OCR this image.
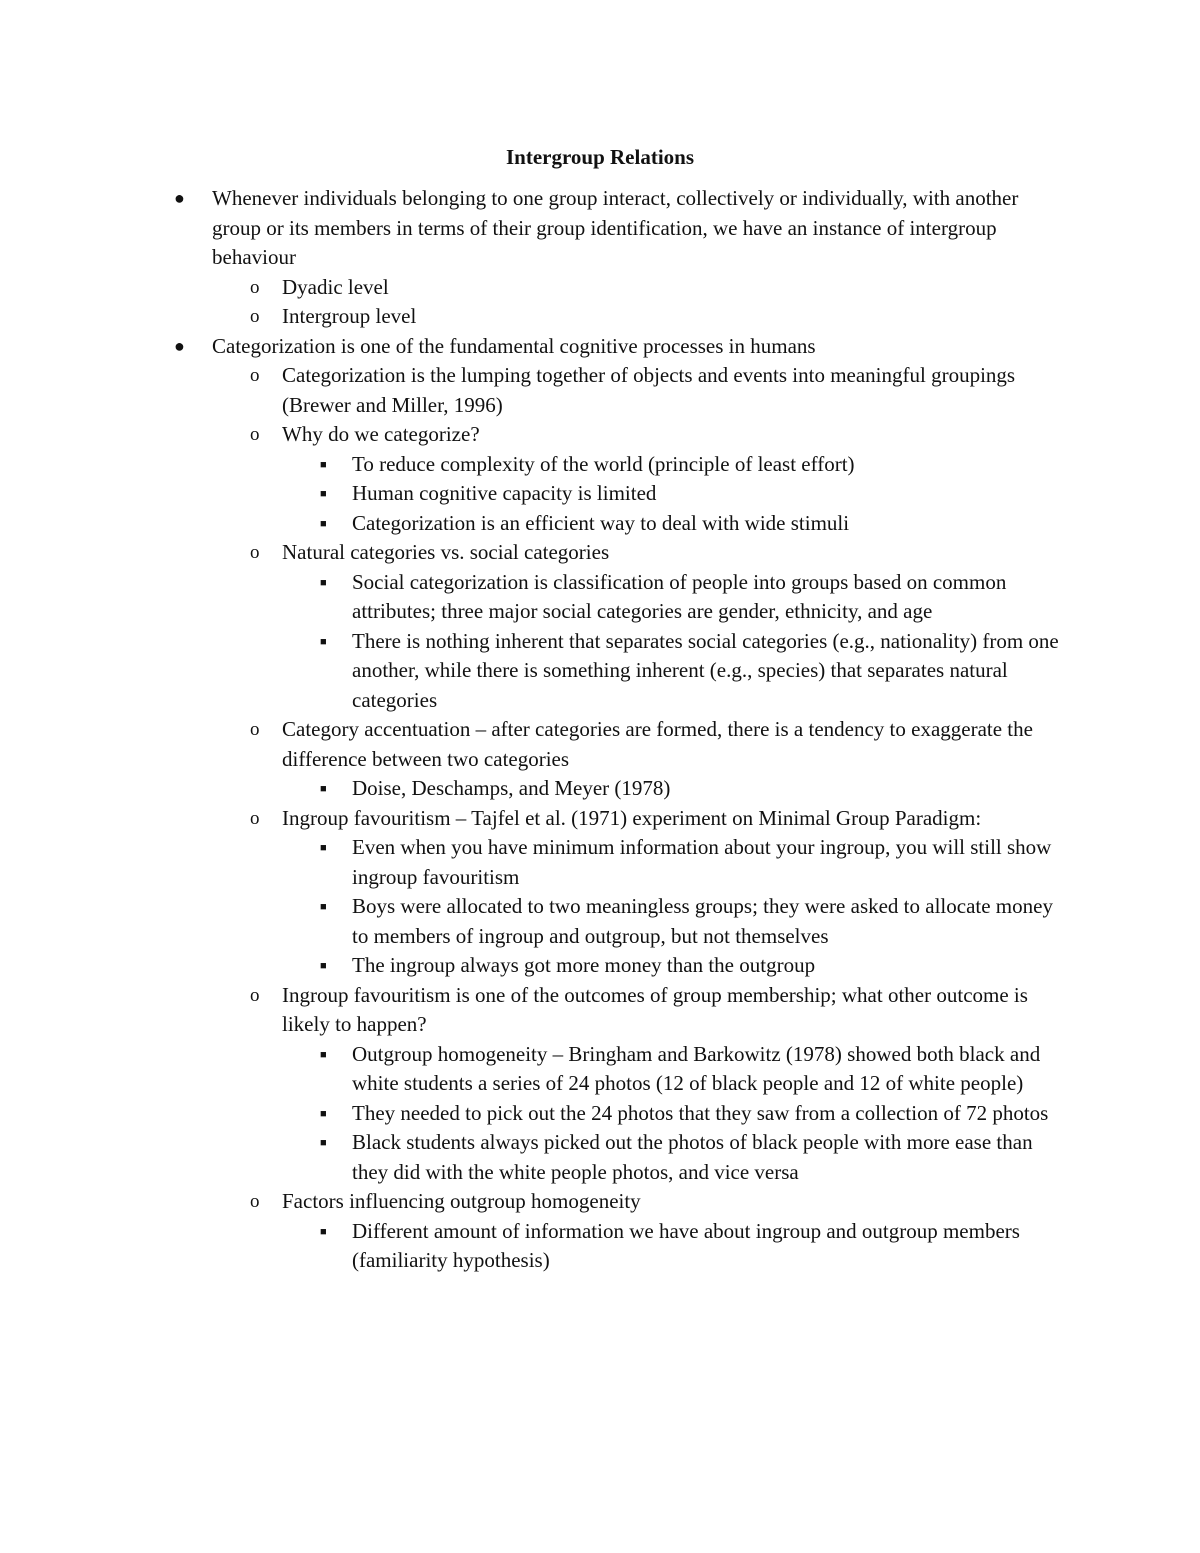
Intergroup Relations
● Whenever individuals belonging to one group interact, collectively or individually, with another group or its members in terms of their group identification, we have an instance of intergroup behaviour
o Dyadic level
o Intergroup level
● Categorization is one of the fundamental cognitive processes in humans
o Categorization is the lumping together of objects and events into meaningful groupings (Brewer and Miller, 1996)
o Why do we categorize?
■ To reduce complexity of the world (principle of least effort)
■ Human cognitive capacity is limited
■ Categorization is an efficient way to deal with wide stimuli
o Natural categories vs. social categories
■ Social categorization is classification of people into groups based on common attributes; three major social categories are gender, ethnicity, and age
■ There is nothing inherent that separates social categories (e.g., nationality) from one another, while there is something inherent (e.g., species) that separates natural categories
o Category accentuation – after categories are formed, there is a tendency to exaggerate the difference between two categories
■ Doise, Deschamps, and Meyer (1978)
o Ingroup favouritism – Tajfel et al. (1971) experiment on Minimal Group Paradigm:
■ Even when you have minimum information about your ingroup, you will still show ingroup favouritism
■ Boys were allocated to two meaningless groups; they were asked to allocate money to members of ingroup and outgroup, but not themselves
■ The ingroup always got more money than the outgroup
o Ingroup favouritism is one of the outcomes of group membership; what other outcome is likely to happen?
■ Outgroup homogeneity – Bringham and Barkowitz (1978) showed both black and white students a series of 24 photos (12 of black people and 12 of white people)
■ They needed to pick out the 24 photos that they saw from a collection of 72 photos
■ Black students always picked out the photos of black people with more ease than they did with the white people photos, and vice versa
o Factors influencing outgroup homogeneity
■ Different amount of information we have about ingroup and outgroup members (familiarity hypothesis)
